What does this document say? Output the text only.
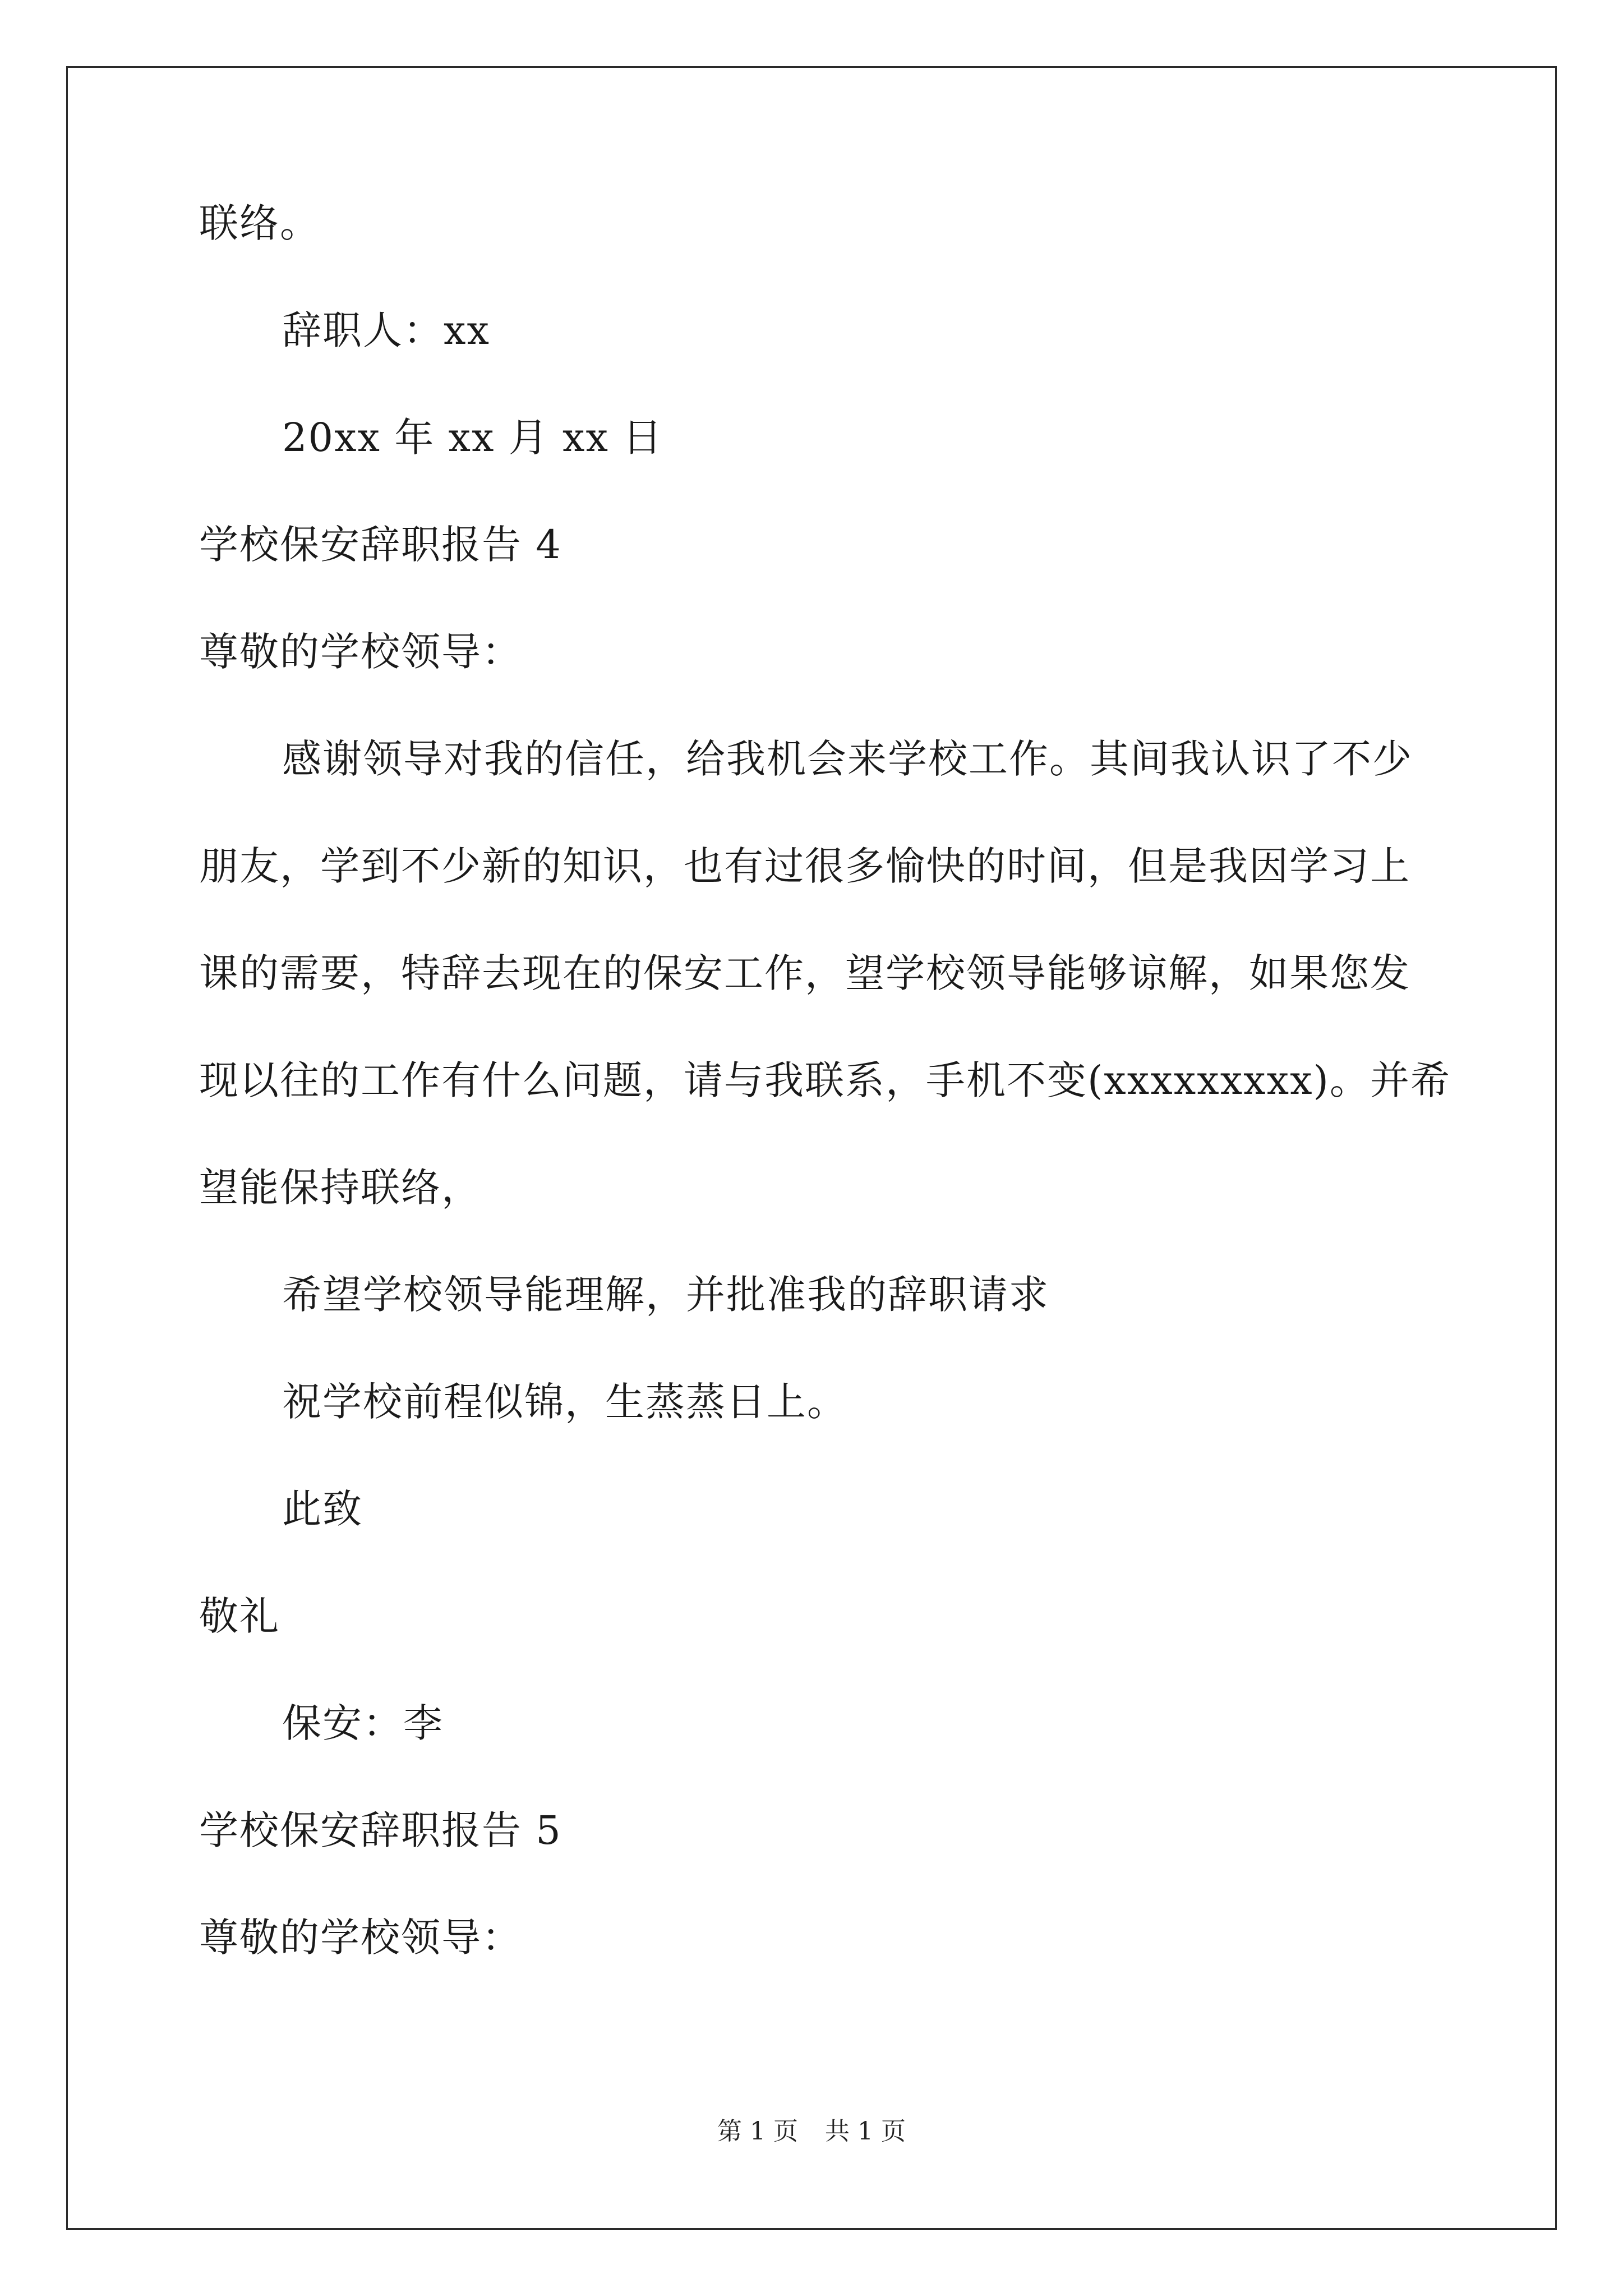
联络。

辞职人：xx

20xx 年 xx 月 xx 日

学校保安辞职报告 4

尊敬的学校领导：

感谢领导对我的信任，给我机会来学校工作。其间我认识了不少
朋友，学到不少新的知识，也有过很多愉快的时间，但是我因学习上
课的需要，特辞去现在的保安工作，望学校领导能够谅解，如果您发
现以往的工作有什么问题，请与我联系，手机不变(xxxxxxxxx)。并希
望能保持联络，

希望学校领导能理解，并批准我的辞职请求

祝学校前程似锦，生蒸蒸日上。

此致

敬礼

保安：李

学校保安辞职报告 5

尊敬的学校领导：

第 1 页 共 1 页
